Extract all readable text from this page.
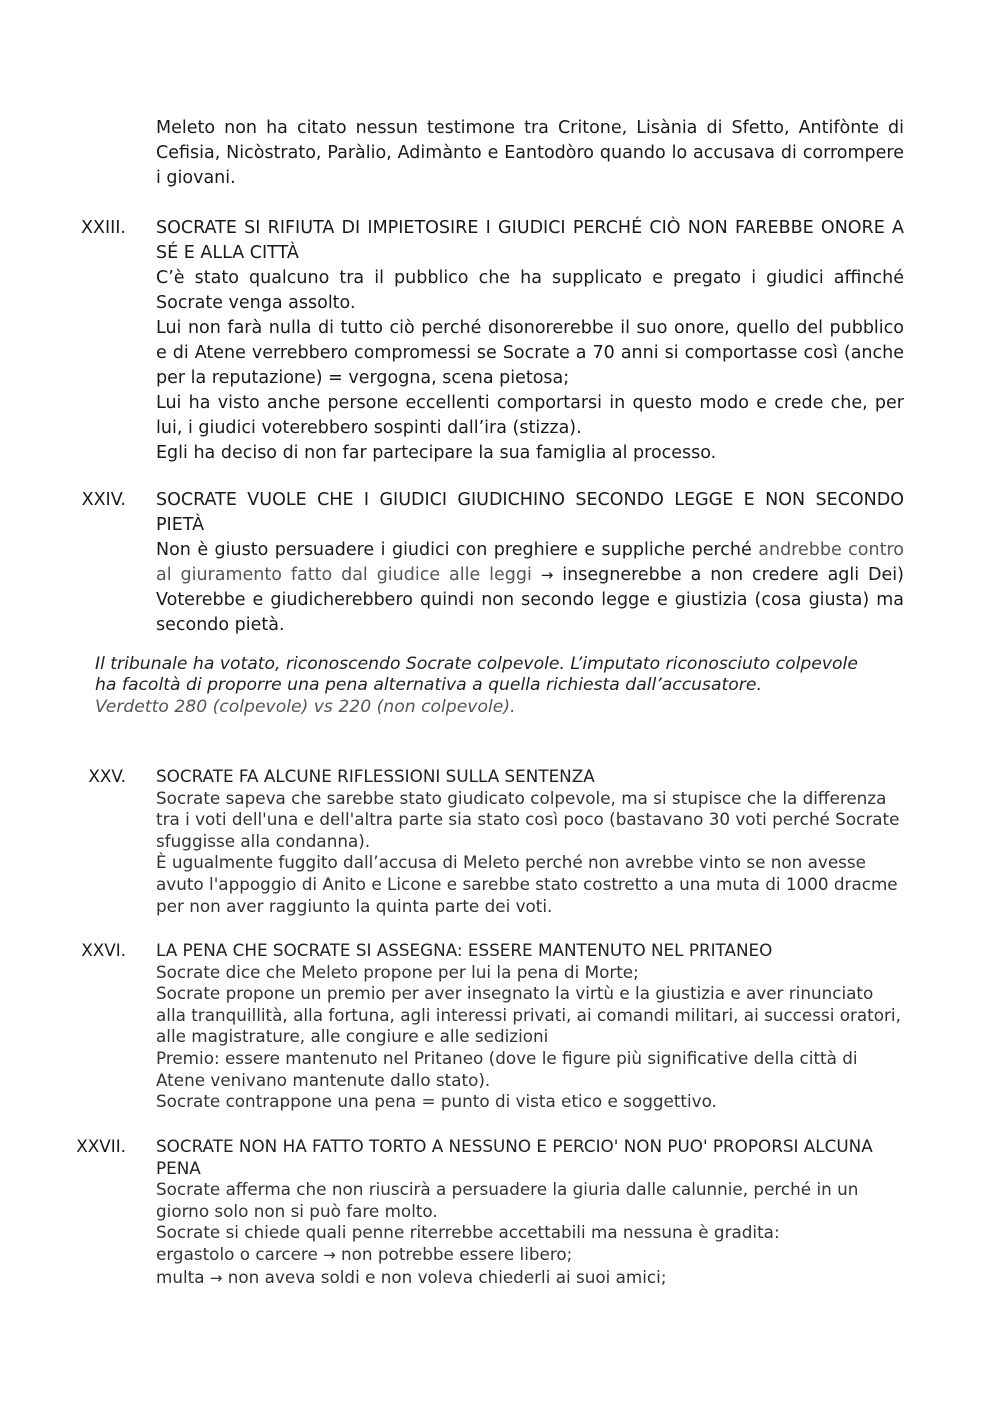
Meleto non ha citato nessun testimone tra Critone, Lisània di Sfetto, Antifònte di Cefisia, Nicòstrato, Paràlio, Adimànto e Eantodòro quando lo accusava di corrompere i giovani.

XXIII. SOCRATE SI RIFIUTA DI IMPIETOSIRE I GIUDICI PERCHÉ CIÒ NON FAREBBE ONORE A SÉ E ALLA CITTÀ

C’è stato qualcuno tra il pubblico che ha supplicato e pregato i giudici affinché Socrate venga assolto.

Lui non farà nulla di tutto ciò perché disonorerebbe il suo onore, quello del pubblico e di Atene verrebbero compromessi se Socrate a 70 anni si comportasse così (anche per la reputazione) = vergogna, scena pietosa;

Lui ha visto anche persone eccellenti comportarsi in questo modo e crede che, per lui, i giudici voterebbero sospinti dall’ira (stizza).

Egli ha deciso di non far partecipare la sua famiglia al processo.

XXIV. SOCRATE VUOLE CHE I GIUDICI GIUDICHINO SECONDO LEGGE E NON SECONDO PIETÀ

Non è giusto persuadere i giudici con preghiere e suppliche perché andrebbe contro al giuramento fatto dal giudice alle leggi → insegnerebbe a non credere agli Dei) Voterebbe e giudicherebbero quindi non secondo legge e giustizia (cosa giusta) ma secondo pietà.

Il tribunale ha votato, riconoscendo Socrate colpevole. L’imputato riconosciuto colpevole ha facoltà di proporre una pena alternativa a quella richiesta dall’accusatore.
Verdetto 280 (colpevole) vs 220 (non colpevole).
XXV. SOCRATE FA ALCUNE RIFLESSIONI SULLA SENTENZA

Socrate sapeva che sarebbe stato giudicato colpevole, ma si stupisce che la differenza tra i voti dell'una e dell'altra parte sia stato così poco (bastavano 30 voti perché Socrate sfuggisse alla condanna).

È ugualmente fuggito dall’accusa di Meleto perché non avrebbe vinto se non avesse avuto l'appoggio di Anito e Licone e sarebbe stato costretto a una muta di 1000 dracme per non aver raggiunto la quinta parte dei voti.

XXVI. LA PENA CHE SOCRATE SI ASSEGNA: ESSERE MANTENUTO NEL PRITANEO

Socrate dice che Meleto propone per lui la pena di Morte;

Socrate propone un premio per aver insegnato la virtù e la giustizia e aver rinunciato alla tranquillità, alla fortuna, agli interessi privati, ai comandi militari, ai successi oratori, alle magistrature, alle congiure e alle sedizioni

Premio: essere mantenuto nel Pritaneo (dove le figure più significative della città di Atene venivano mantenute dallo stato).

Socrate contrappone una pena = punto di vista etico e soggettivo.

XXVII. SOCRATE NON HA FATTO TORTO A NESSUNO E PERCIO' NON PUO' PROPORSI ALCUNA PENA

Socrate afferma che non riuscirà a persuadere la giuria dalle calunnie, perché in un giorno solo non si può fare molto.

Socrate si chiede quali penne riterrebbe accettabili ma nessuna è gradita:

ergastolo o carcere → non potrebbe essere libero;

multa → non aveva soldi e non voleva chiederli ai suoi amici;
